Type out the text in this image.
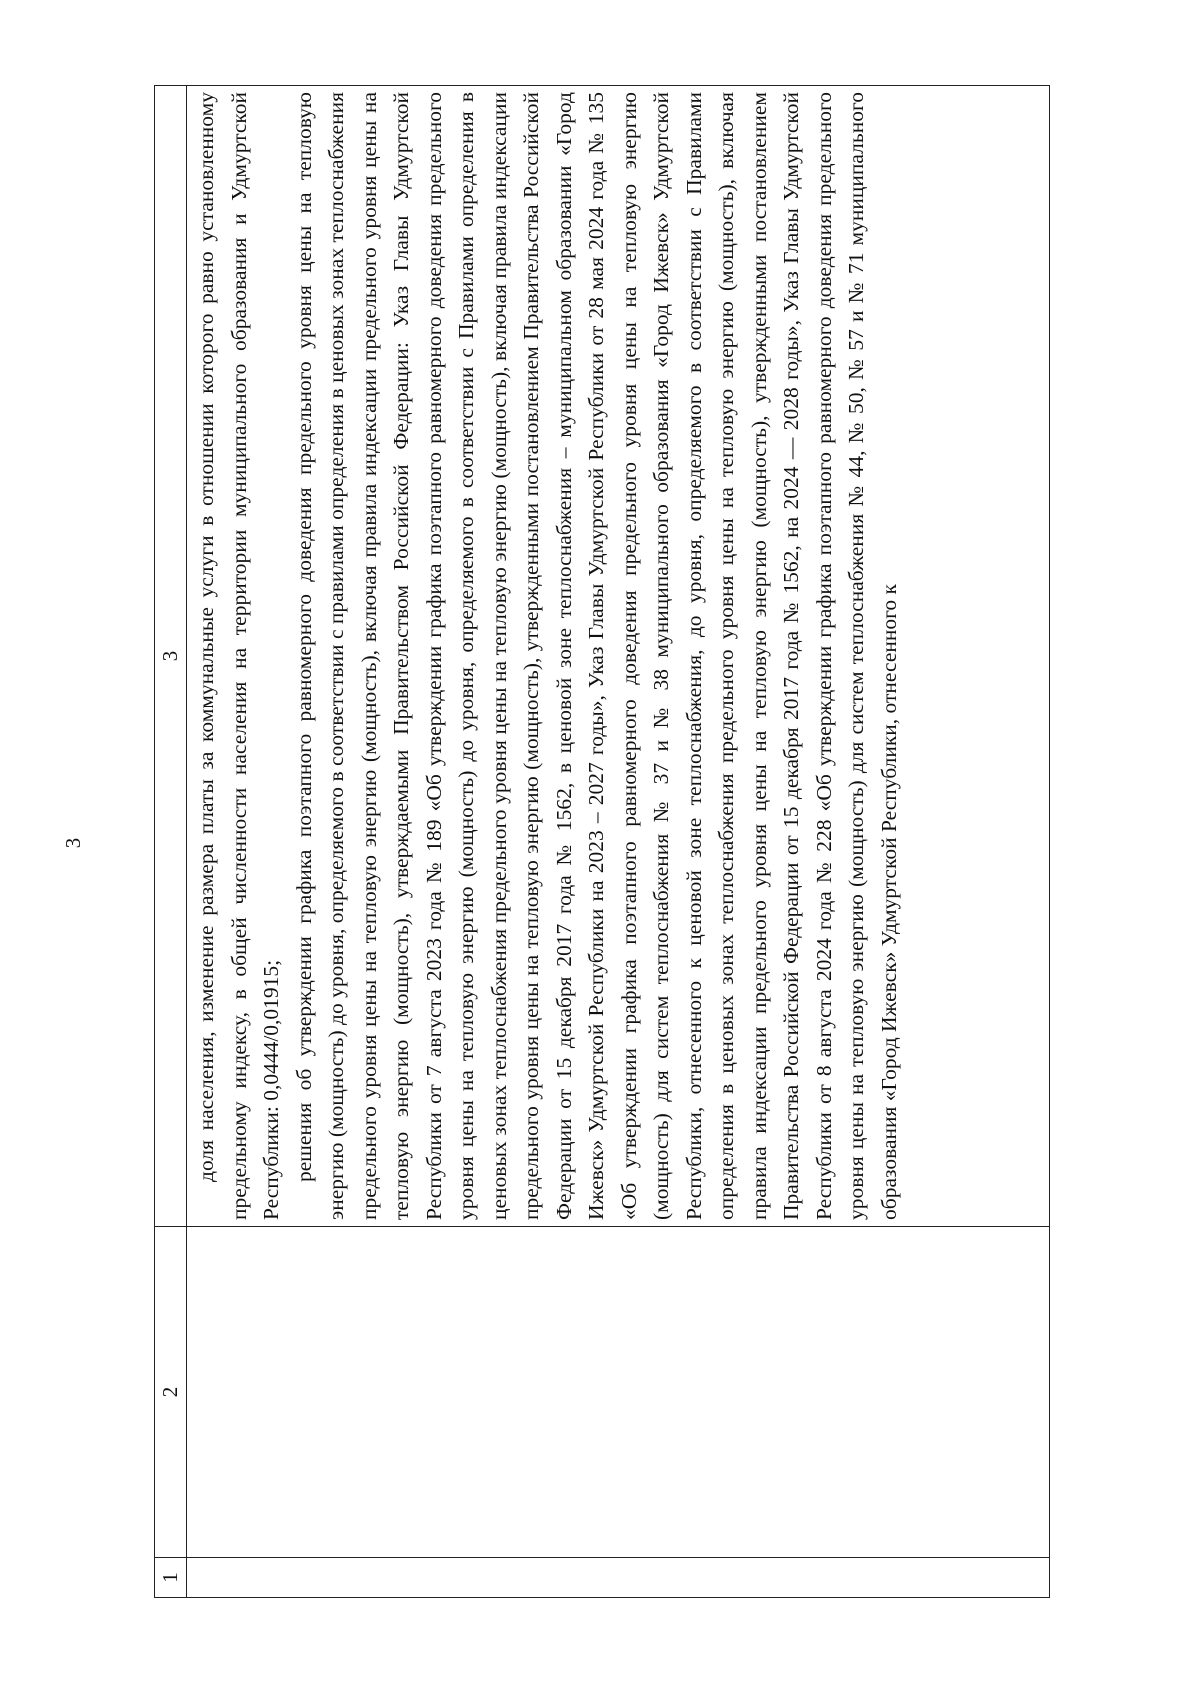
3
1	2	3

		доля населения, изменение размера платы за коммунальные услуги в отношении которого равно установленному предельному индексу, в общей численности населения на территории муниципального образования и Удмуртской Республики: 0,0444/0,01915; решения об утверждении графика поэтапного равномерного доведения предельного уровня цены на тепловую энергию (мощность) до уровня, определяемого в соответствии с правилами определения в ценовых зонах теплоснабжения предельного уровня цены на тепловую энергию (мощность), включая правила индексации предельного уровня цены на тепловую энергию (мощность), утверждаемыми Правительством Российской Федерации: Указ Главы Удмуртской Республики от 7 августа 2023 года № 189 «Об утверждении графика поэтапного равномерного доведения предельного уровня цены на тепловую энергию (мощность) до уровня, определяемого в соответствии с Правилами определения в ценовых зонах теплоснабжения предельного уровня цены на тепловую энергию (мощность), включая правила индексации предельного уровня цены на тепловую энергию (мощность), утвержденными постановлением Правительства Российской Федерации от 15 декабря 2017 года № 1562, в ценовой зоне теплоснабжения – муниципальном образовании «Город Ижевск» Удмуртской Республики на 2023 – 2027 годы», Указ Главы Удмуртской Республики от 28 мая 2024 года № 135 «Об утверждении графика поэтапного равномерного доведения предельного уровня цены на тепловую энергию (мощность) для систем теплоснабжения № 37 и № 38 муниципального образования «Город Ижевск» Удмуртской Республики, отнесенного к ценовой зоне теплоснабжения, до уровня, определяемого в соответствии с Правилами определения в ценовых зонах теплоснабжения предельного уровня цены на тепловую энергию (мощность), включая правила индексации предельного уровня цены на тепловую энергию (мощность), утвержденными постановлением Правительства Российской Федерации от 15 декабря 2017 года № 1562, на 2024 — 2028 годы», Указ Главы Удмуртской Республики от 8 августа 2024 года № 228 «Об утверждении графика поэтапного равномерного доведения предельного уровня цены на тепловую энергию (мощность) для систем теплоснабжения № 44, № 50, № 57 и № 71 муниципального образования «Город Ижевск» Удмуртской Республики, отнесенного к
